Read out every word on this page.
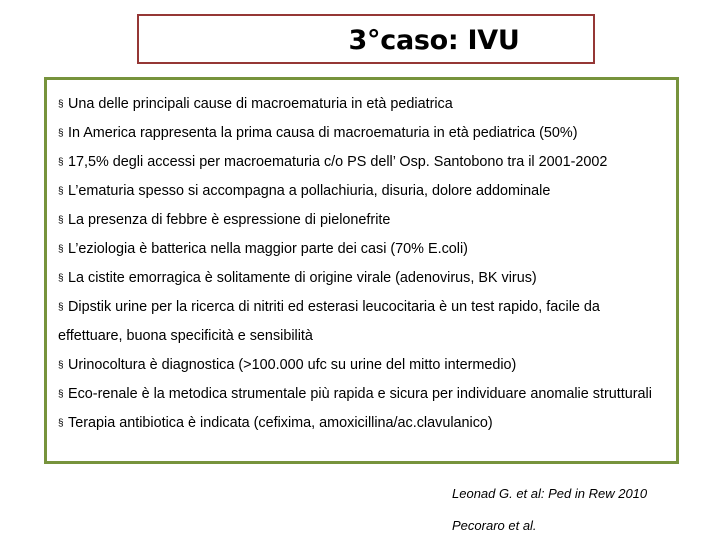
3°caso: IVU
§ Una delle principali cause di macroematuria in età pediatrica
§ In America rappresenta la prima causa di macroematuria in età pediatrica (50%)
§ 17,5% degli accessi per macroematuria c/o PS dell’ Osp. Santobono tra il 2001-2002
§ L’ematuria spesso si accompagna a pollachiuria, disuria, dolore addominale
§ La presenza di febbre è espressione di pielonefrite
§ L’eziologia è batterica nella maggior parte dei casi (70% E.coli)
§ La cistite emorragica è solitamente di origine virale (adenovirus, BK virus)
§ Dipstik urine per la ricerca di nitriti ed esterasi leucocitaria è un test rapido, facile da effettuare, buona specificità e sensibilità
§ Urinocoltura è diagnostica (>100.000 ufc su urine del mitto intermedio)
§ Eco-renale è la metodica strumentale più rapida e sicura per individuare anomalie strutturali
§ Terapia antibiotica è indicata (cefixima, amoxicillina/ac.clavulanico)

Leonad G. et al: Ped in Rew 2010

Pecoraro et al.
